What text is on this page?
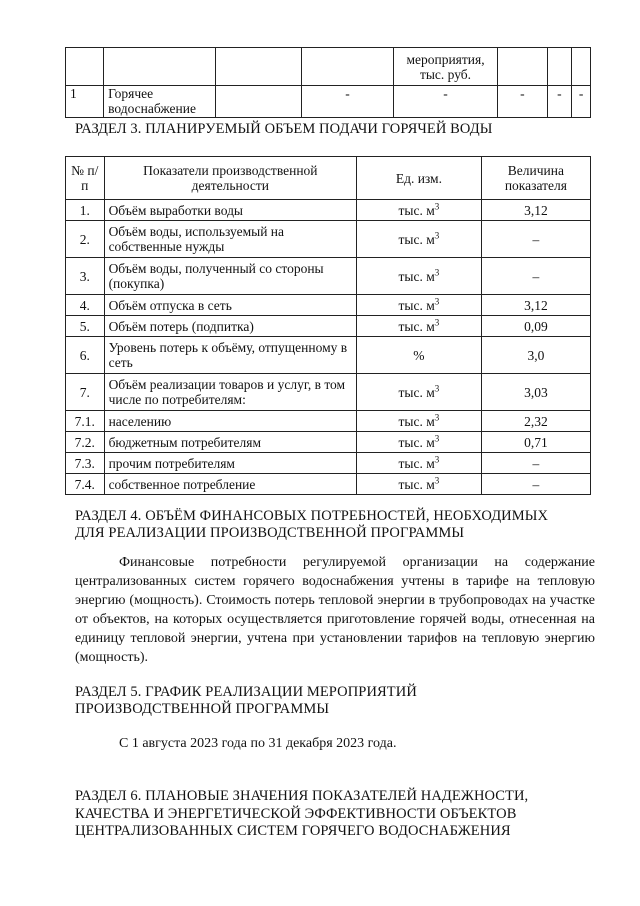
				мероприятия, тыс. руб.			
1	Горячее водоснабжение		-	-	-	-	-

РАЗДЕЛ 3. ПЛАНИРУЕМЫЙ ОБЪЕМ ПОДАЧИ ГОРЯЧЕЙ ВОДЫ

№ п/п	Показатели производственной деятельности	Ед. изм.	Величина показателя
1.	Объём выработки воды	тыс. $м^3$	3,12
2.	Объём воды, используемый на собственные нужды	тыс. $м^3$	–
3.	Объём воды, полученный со стороны (покупка)	тыс. $м^3$	–
4.	Объём отпуска в сеть	тыс. $м^3$	3,12
5.	Объём потерь (подпитка)	тыс. $м^3$	0,09
6.	Уровень потерь к объёму, отпущенному в сеть	%	3,0
7.	Объём реализации товаров и услуг, в том числе по потребителям:	тыс. $м^3$	3,03
7.1.	населению	тыс. $м^3$	2,32
7.2.	бюджетным потребителям	тыс. $м^3$	0,71
7.3.	прочим потребителям	тыс. $м^3$	–
7.4.	собственное потребление	тыс. $м^3$	–

РАЗДЕЛ 4. ОБЪЁМ ФИНАНСОВЫХ ПОТРЕБНОСТЕЙ, НЕОБХОДИМЫХ

ДЛЯ РЕАЛИЗАЦИИ ПРОИЗВОДСТВЕННОЙ ПРОГРАММЫ

Финансовые потребности регулируемой организации на содержание централизованных систем горячего водоснабжения учтены в тарифе на тепловую энергию (мощность). Стоимость потерь тепловой энергии в трубопроводах на участке от объектов, на которых осуществляется приготовление горячей воды, отнесенная на единицу тепловой энергии, учтена при установлении тарифов на тепловую энергию (мощность).

РАЗДЕЛ 5. ГРАФИК РЕАЛИЗАЦИИ МЕРОПРИЯТИЙ

ПРОИЗВОДСТВЕННОЙ ПРОГРАММЫ

С 1 августа 2023 года по 31 декабря 2023 года.

РАЗДЕЛ 6. ПЛАНОВЫЕ ЗНАЧЕНИЯ ПОКАЗАТЕЛЕЙ НАДЕЖНОСТИ,

КАЧЕСТВА И ЭНЕРГЕТИЧЕСКОЙ ЭФФЕКТИВНОСТИ ОБЪЕКТОВ

ЦЕНТРАЛИЗОВАННЫХ СИСТЕМ ГОРЯЧЕГО ВОДОСНАБЖЕНИЯ
